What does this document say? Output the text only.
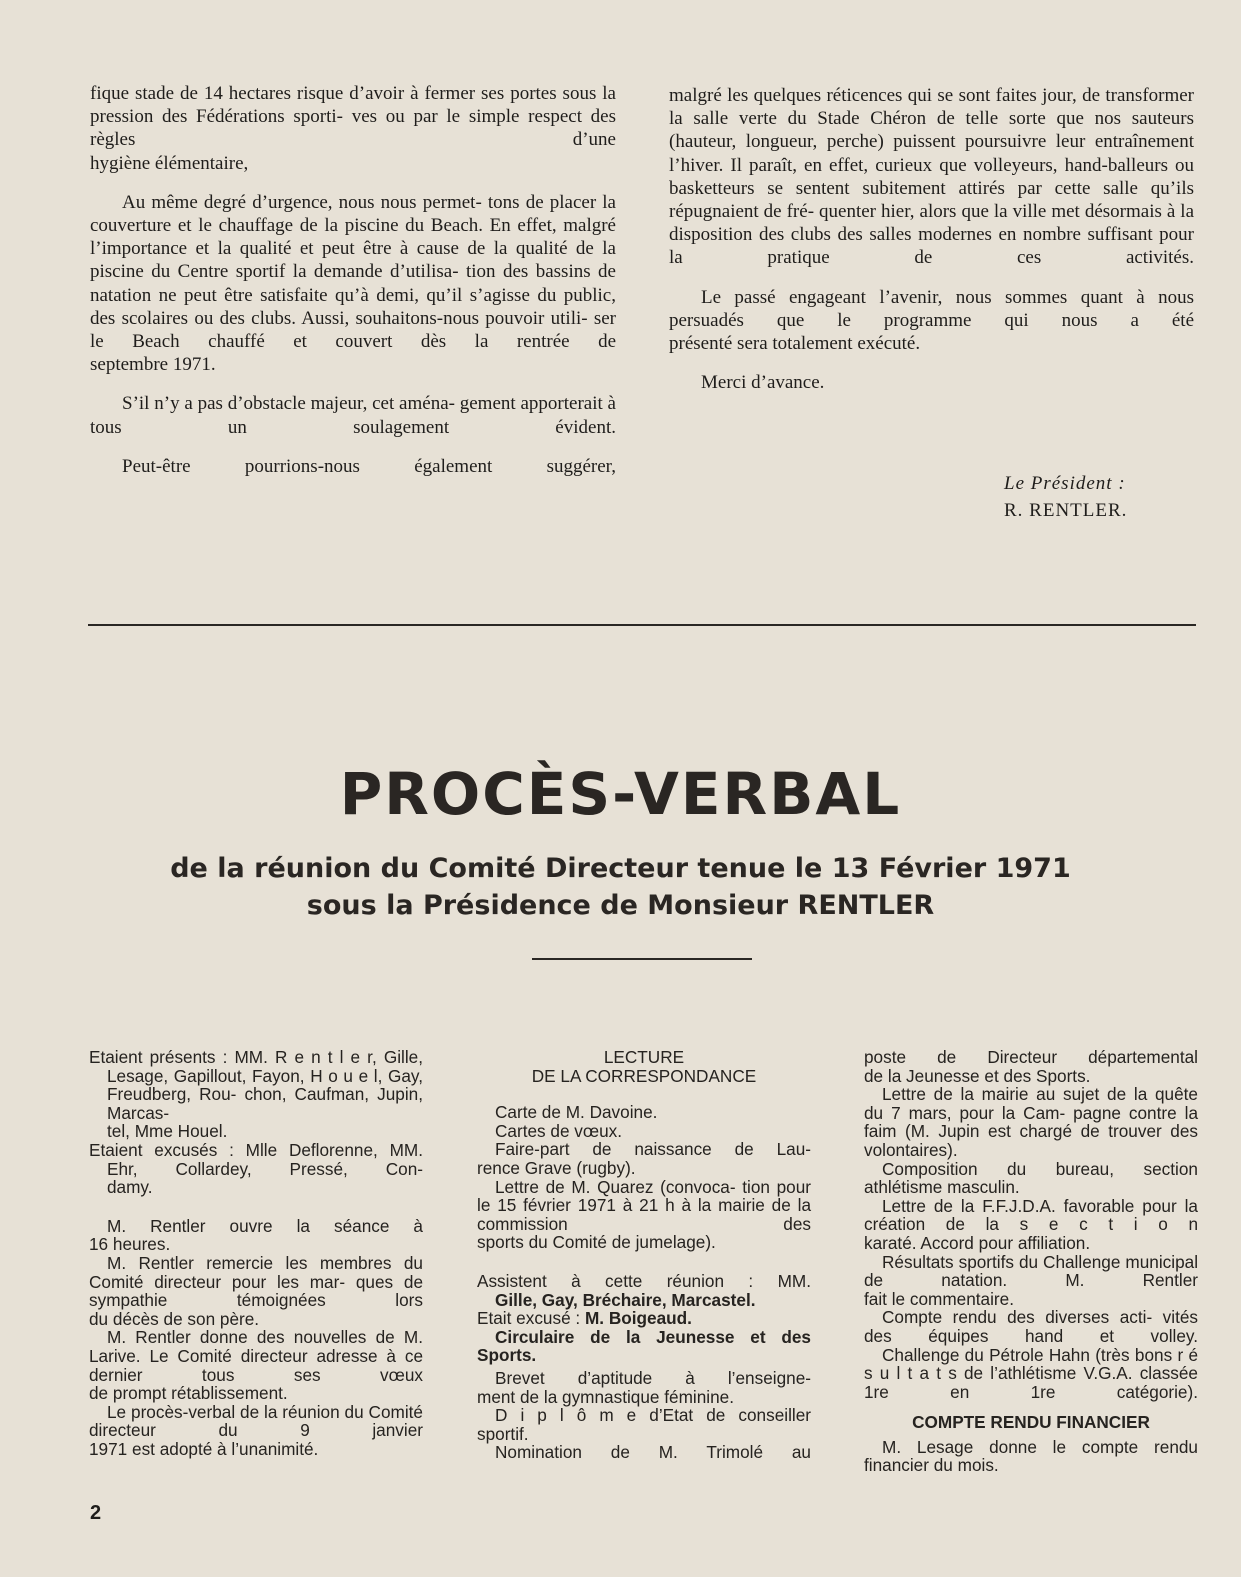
fique stade de 14 hectares risque d’avoir à fermer ses portes sous la pression des Fédérations sporti- ves ou par le simple respect des règles d’une

hygiène élémentaire,

Au même degré d’urgence, nous nous permet- tons de placer la couverture et le chauffage de la piscine du Beach. En effet, malgré l’importance et la qualité et peut être à cause de la qualité de la piscine du Centre sportif la demande d’utilisa- tion des bassins de natation ne peut être satisfaite qu’à demi, qu’il s’agisse du public, des scolaires ou des clubs. Aussi, souhaitons-nous pouvoir utili- ser le Beach chauffé et couvert dès la rentrée de

septembre 1971.

S’il n’y a pas d’obstacle majeur, cet aména- gement apporterait à tous un soulagement évident.

Peut-être pourrions-nous également suggérer,

malgré les quelques réticences qui se sont faites jour, de transformer la salle verte du Stade Chéron de telle sorte que nos sauteurs (hauteur, longueur, perche) puissent poursuivre leur entraînement l’hiver. Il paraît, en effet, curieux que volleyeurs, hand-balleurs ou basketteurs se sentent subitement attirés par cette salle qu’ils répugnaient de fré- quenter hier, alors que la ville met désormais à la disposition des clubs des salles modernes en nombre suffisant pour la pratique de ces activités.

Le passé engageant l’avenir, nous sommes quant à nous persuadés que le programme qui nous a été

présenté sera totalement exécuté.

Merci d’avance.

Le Président :
R. RENTLER.
PROCÈS-VERBAL
de la réunion du Comité Directeur tenue le 13 Février 1971
sous la Présidence de Monsieur RENTLER

Etaient présents : MM. R e n t l e r, Gille, Lesage, Gapillout, Fayon, H o u e l, Gay, Freudberg, Rou- chon, Caufman, Jupin, Marcas-

tel, Mme Houel.

Etaient excusés : Mlle Deflorenne, MM. Ehr, Collardey, Pressé, Con-

damy.

M. Rentler ouvre la séance à

16 heures.

M. Rentler remercie les membres du Comité directeur pour les mar- ques de sympathie témoignées lors

du décès de son père.

M. Rentler donne des nouvelles de M. Larive. Le Comité directeur adresse à ce dernier tous ses vœux

de prompt rétablissement.

Le procès-verbal de la réunion du Comité directeur du 9 janvier

1971 est adopté à l’unanimité.

LECTURE

DE LA CORRESPONDANCE

Carte de M. Davoine.

Cartes de vœux.

Faire-part de naissance de Lau-

rence Grave (rugby).

Lettre de M. Quarez (convoca- tion pour le 15 février 1971 à 21 h à la mairie de la commission des

sports du Comité de jumelage).

Assistent à cette réunion : MM.

Gille, Gay, Bréchaire, Marcastel.

Etait excusé : M. Boigeaud.

Circulaire de la Jeunesse et des

Sports.

Brevet d’aptitude à l’enseigne-

ment de la gymnastique féminine.

D i p l ô m e d’Etat de conseiller

sportif.

Nomination de M. Trimolé au

poste de Directeur départemental

de la Jeunesse et des Sports.

Lettre de la mairie au sujet de la quête du 7 mars, pour la Cam- pagne contre la faim (M. Jupin est chargé de trouver des volontaires).

Composition du bureau, section

athlétisme masculin.

Lettre de la F.F.J.D.A. favorable pour la création de la s e c t i o n

karaté. Accord pour affiliation.

Résultats sportifs du Challenge municipal de natation. M. Rentler

fait le commentaire.

Compte rendu des diverses acti- vités des équipes hand et volley.

Challenge du Pétrole Hahn (très bons r é s u l t a t s de l’athlétisme V.G.A. classée 1re en 1re catégorie).

COMPTE RENDU FINANCIER

M. Lesage donne le compte rendu

financier du mois.

2
